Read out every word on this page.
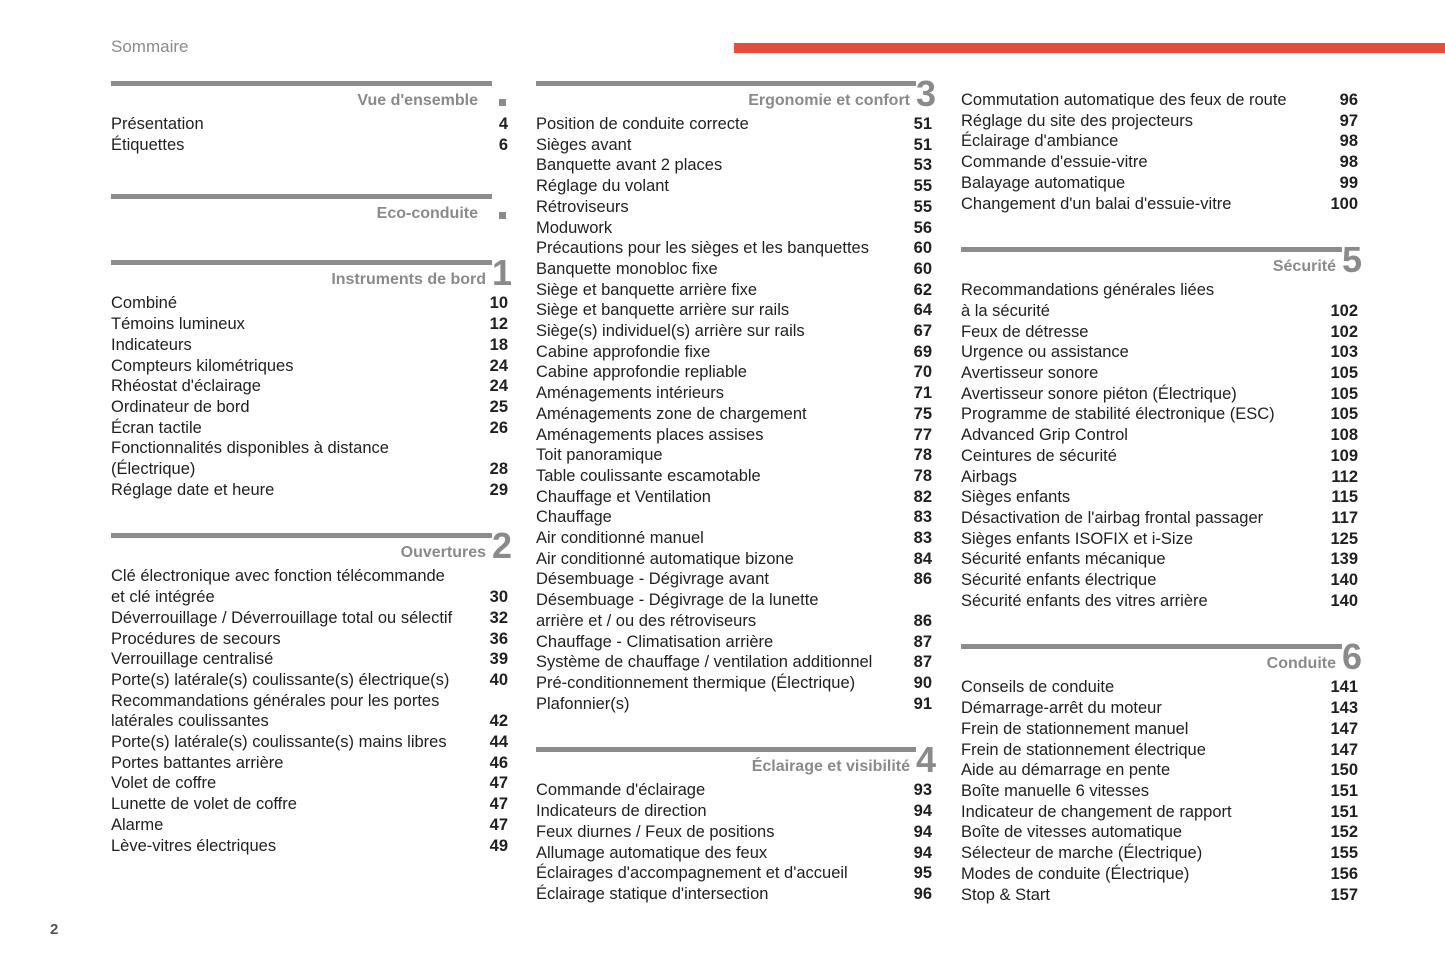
Sommaire
Vue d'ensemble
Présentation	4
Étiquettes	6
Eco-conduite
Instruments de bord 1
Combiné	10
Témoins lumineux	12
Indicateurs	18
Compteurs kilométriques	24
Rhéostat d'éclairage	24
Ordinateur de bord	25
Écran tactile	26
Fonctionnalités disponibles à distance
(Électrique)	28
Réglage date et heure	29
Ouvertures 2
Clé électronique avec fonction télécommande
et clé intégrée	30
Déverrouillage / Déverrouillage total ou sélectif	32
Procédures de secours	36
Verrouillage centralisé	39
Porte(s) latérale(s) coulissante(s) électrique(s)	40
Recommandations générales pour les portes
latérales coulissantes	42
Porte(s) latérale(s) coulissante(s) mains libres	44
Portes battantes arrière	46
Volet de coffre	47
Lunette de volet de coffre	47
Alarme	47
Lève-vitres électriques	49
Ergonomie et confort 3
Position de conduite correcte	51
Sièges avant	51
Banquette avant 2 places	53
Réglage du volant	55
Rétroviseurs	55
Moduwork	56
Précautions pour les sièges et les banquettes	60
Banquette monobloc fixe	60
Siège et banquette arrière fixe	62
Siège et banquette arrière sur rails	64
Siège(s) individuel(s) arrière sur rails	67
Cabine approfondie fixe	69
Cabine approfondie repliable	70
Aménagements intérieurs	71
Aménagements zone de chargement	75
Aménagements places assises	77
Toit panoramique	78
Table coulissante escamotable	78
Chauffage et Ventilation	82
Chauffage	83
Air conditionné manuel	83
Air conditionné automatique bizone	84
Désembuage - Dégivrage avant	86
Désembuage - Dégivrage de la lunette
arrière et / ou des rétroviseurs	86
Chauffage - Climatisation arrière	87
Système de chauffage / ventilation additionnel	87
Pré-conditionnement thermique (Électrique)	90
Plafonnier(s)	91
Éclairage et visibilité 4
Commande d'éclairage	93
Indicateurs de direction	94
Feux diurnes / Feux de positions	94
Allumage automatique des feux	94
Éclairages d'accompagnement et d'accueil	95
Éclairage statique d'intersection	96
Commutation automatique des feux de route	96
Réglage du site des projecteurs	97
Éclairage d'ambiance	98
Commande d'essuie-vitre	98
Balayage automatique	99
Changement d'un balai d'essuie-vitre	100
Sécurité 5
Recommandations générales liées
à la sécurité	102
Feux de détresse	102
Urgence ou assistance	103
Avertisseur sonore	105
Avertisseur sonore piéton (Électrique)	105
Programme de stabilité électronique (ESC)	105
Advanced Grip Control	108
Ceintures de sécurité	109
Airbags	112
Sièges enfants	115
Désactivation de l'airbag frontal passager	117
Sièges enfants ISOFIX et i-Size	125
Sécurité enfants mécanique	139
Sécurité enfants électrique	140
Sécurité enfants des vitres arrière	140
Conduite 6
Conseils de conduite	141
Démarrage-arrêt du moteur	143
Frein de stationnement manuel	147
Frein de stationnement électrique	147
Aide au démarrage en pente	150
Boîte manuelle 6 vitesses	151
Indicateur de changement de rapport	151
Boîte de vitesses automatique	152
Sélecteur de marche (Électrique)	155
Modes de conduite (Électrique)	156
Stop & Start	157
2
